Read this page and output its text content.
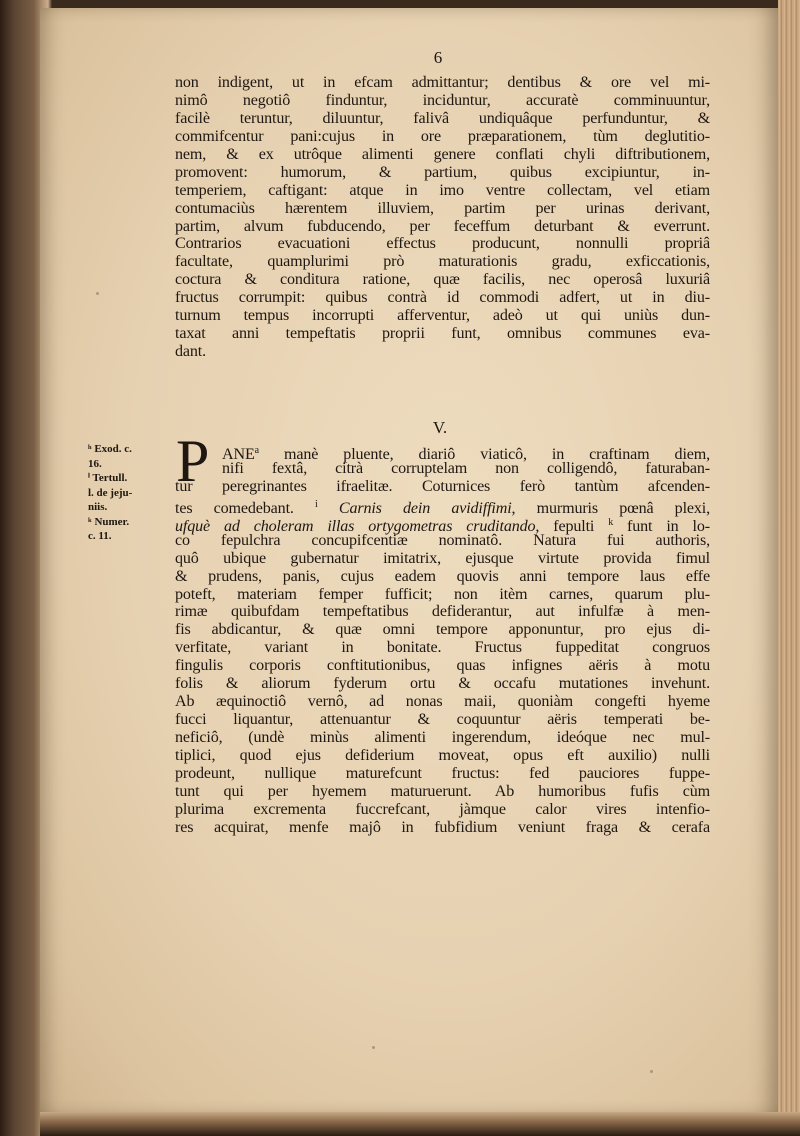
6
non indigent, ut in efcam admittantur; dentibus & ore vel mi-
nimô negotiô finduntur, inciduntur, accuratè comminuuntur,
facilè teruntur, diluuntur, falivâ undiquâque perfunduntur, &
commifcentur pani:cujus in ore præparationem, tùm deglutitio-
nem, & ex utrôque alimenti genere conflati chyli diftributionem,
promovent: humorum, & partium, quibus excipiuntur, in-
temperiem, caftigant: atque in imo ventre collectam, vel etiam
contumaciùs hærentem illuviem, partim per urinas derivant,
partim, alvum fubducendo, per feceffum deturbant & everrunt.
Contrarios evacuationi effectus producunt, nonnulli propriâ
facultate, quamplurimi prò maturationis gradu, exficcationis,
coctura & conditura ratione, quæ facilis, nec operosâ luxuriâ
fructus corrumpit: quibus contrà id commodi adfert, ut in diu-
turnum tempus incorrupti afferventur, adeò ut qui uniùs dun-
taxat anni tempeftatis proprii funt, omnibus communes eva-
dant.
V.
P ANE$^a$ manè pluente, diariô viaticô, in craftinam diem,
nifi fextâ, citrà corruptelam non colligendô, faturaban-
tur peregrinantes ifraelitæ. Coturnices ferò tantùm afcenden-
tes comedebant. $^i$ Carnis dein avidiffimi, murmuris pœnâ plexi,
ufquè ad choleram illas ortygometras cruditando, fepulti $^k$ funt in lo-
co fepulchra concupifcentiæ nominatô. Natura fui authoris,
quô ubique gubernatur imitatrix, ejusque virtute provida fimul
& prudens, panis, cujus eadem quovis anni tempore laus effe
poteft, materiam femper fufficit; non itèm carnes, quarum plu-
rimæ quibufdam tempeftatibus defiderantur, aut infulfæ à men-
fis abdicantur, & quæ omni tempore apponuntur, pro ejus di-
verfitate, variant in bonitate. Fructus fuppeditat congruos
fingulis corporis conftitutionibus, quas infignes aëris à motu
folis & aliorum fyderum ortu & occafu mutationes invehunt.
Ab æquinoctiô vernô, ad nonas maii, quoniàm congefti hyeme
fucci liquantur, attenuantur & coquuntur aëris temperati be-
neficiô, (undè minùs alimenti ingerendum, ideóque nec mul-
tiplici, quod ejus defiderium moveat, opus eft auxilio) nulli
prodeunt, nullique maturefcunt fructus: fed pauciores fuppe-
tunt qui per hyemem maturuerunt. Ab humoribus fufis cùm
plurima excrementa fuccrefcant, jàmque calor vires intenfio-
res acquirat, menfe majô in fubfidium veniunt fraga & cerafa
ʰ Exod. c.
16.
ⁱ Tertull.
l. de jeju-
niis.
ᵏ Numer.
c. 11.
